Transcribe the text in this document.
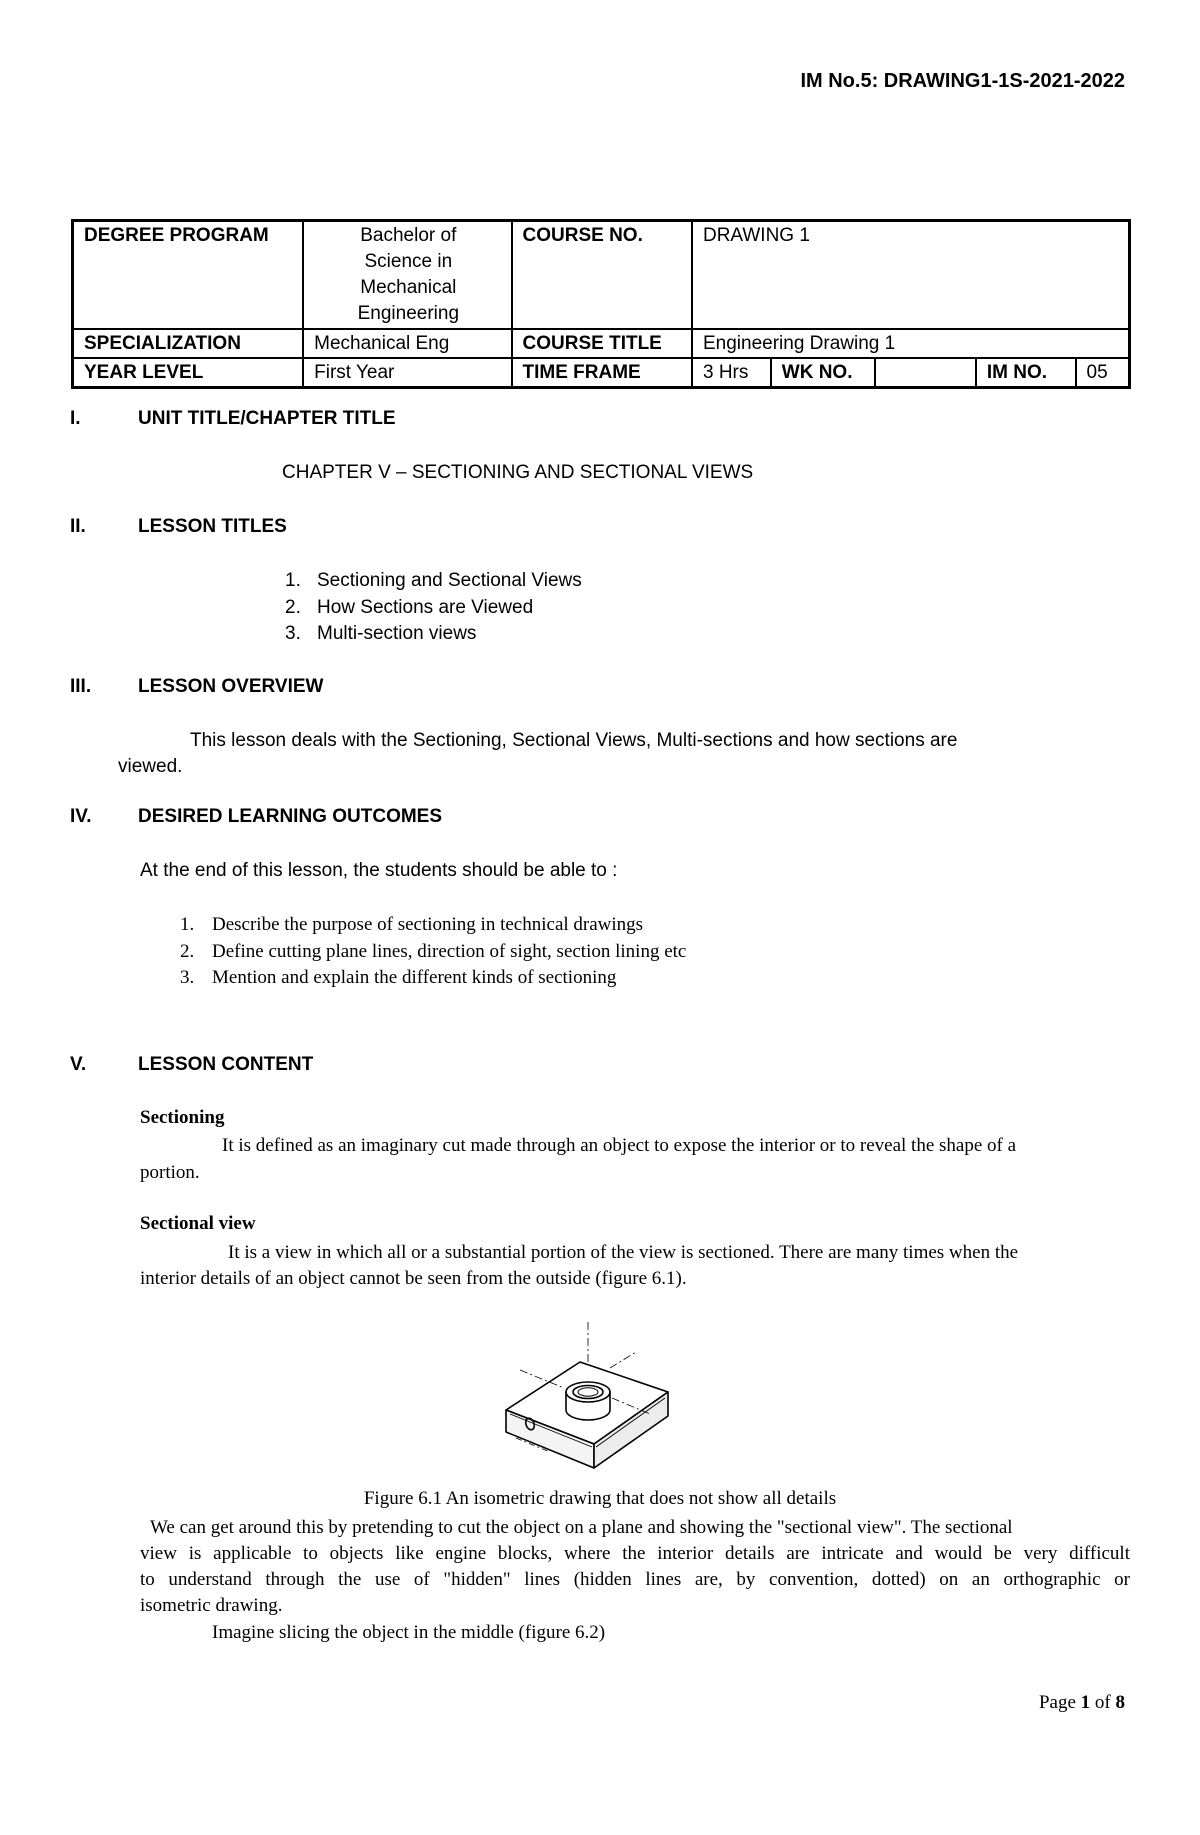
IM No.5: DRAWING1-1S-2021-2022
DEGREE PROGRAM	Bachelor of
Science in
Mechanical
Engineering	COURSE NO.	DRAWING 1				
SPECIALIZATION	Mechanical Eng	COURSE TITLE	Engineering Drawing 1				
YEAR LEVEL	First Year	TIME FRAME	3 Hrs	WK NO.		IM NO.	05
I.	UNIT TITLE/CHAPTER TITLE
CHAPTER V – SECTIONING AND SECTIONAL VIEWS
II.	LESSON TITLES
1. Sectioning and Sectional Views
2. How Sections are Viewed
3. Multi-section views
III. LESSON OVERVIEW
This lesson deals with the Sectioning, Sectional Views, Multi-sections and how sections are
viewed.
IV. DESIRED LEARNING OUTCOMES
At the end of this lesson, the students should be able to :
1. Describe the purpose of sectioning in technical drawings
2. Define cutting plane lines, direction of sight, section lining etc
3. Mention and explain the different kinds of sectioning
V.	LESSON CONTENT
Sectioning
It is defined as an imaginary cut made through an object to expose the interior or to reveal the shape of a
portion.
Sectional view
It is a view in which all or a substantial portion of the view is sectioned. There are many times when the
interior details of an object cannot be seen from the outside (figure 6.1).
Figure 6.1 An isometric drawing that does not show all details
We can get around this by pretending to cut the object on a plane and showing the "sectional view". The sectional
view is applicable to objects like engine blocks, where the interior details are intricate and would be very difficult
to understand through the use of "hidden" lines (hidden lines are, by convention, dotted) on an orthographic or
isometric drawing.
Imagine slicing the object in the middle (figure 6.2)
Page 1 of 8
